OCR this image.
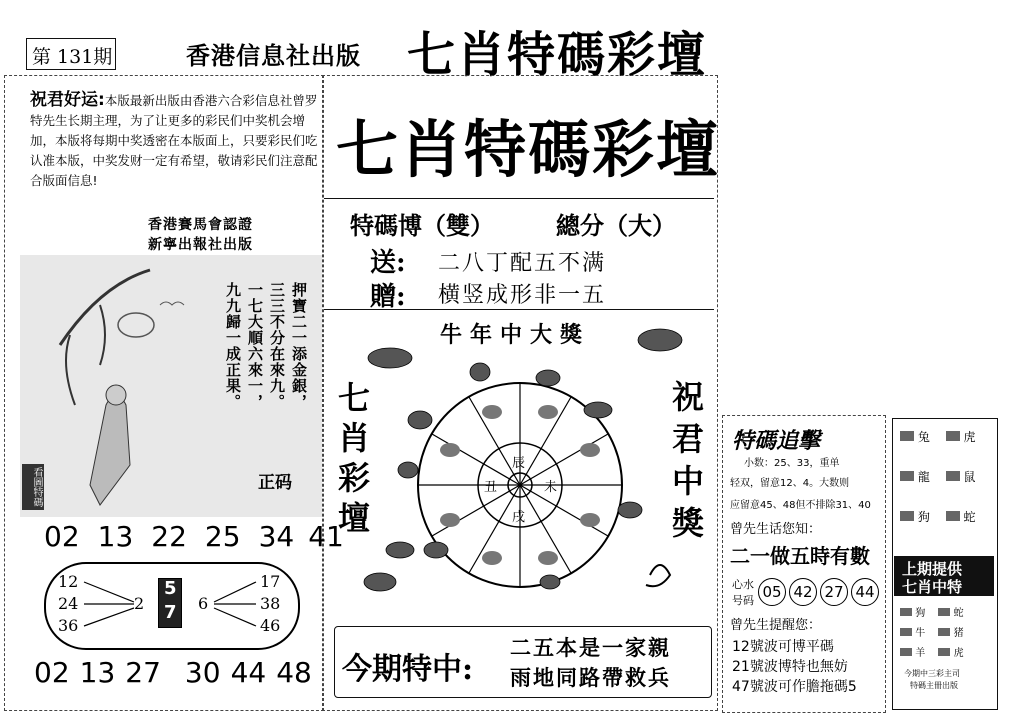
第 131期	香港信息社出版 七肖特碼彩壇
祝君好运:本版最新出版由香港六合彩信息社曾罗特先生长期主理，为了让更多的彩民们中奖机会增加，本版将每期中奖透密在本版面上，只要彩民们吃认准本版，中奖发财一定有希望，敬请彩民们注意配合版面信息!
香港賽馬會認證
新寧出報社出版
押寶二一添金銀，
三三不分在來九。
一七大順六來一，
九九歸一成正果。
正码
看圖特碼
02 13 22 25 34 41
12
24
36
2
5
7 6
17
38
46
02 13 27 30 44 48
七肖特碼彩壇
特碼博（雙）	總分（大）
送: 二八丁配五不满
贈: 横竖成形非一五
牛年中大獎
七肖彩壇
祝君中獎
辰
未
戌
丑
今期特中:
二五本是一家親
雨地同路帶救兵
特碼追擊
小数：25、33，重单
轻双，留意12、4。大数则
应留意45、48但不排除31、40
曾先生话您知：
二一做五時有數
心水
号码 05 42 27 44
曾先生提醒您：
12號波可博平碼
21號波博特也無妨
47號波可作膽拖碼5
兔	虎
龍	鼠
狗	蛇
上期提供
七肖中特
狗	蛇
牛	猪
羊	虎
今期中三彩主司
特碼主冊出版
